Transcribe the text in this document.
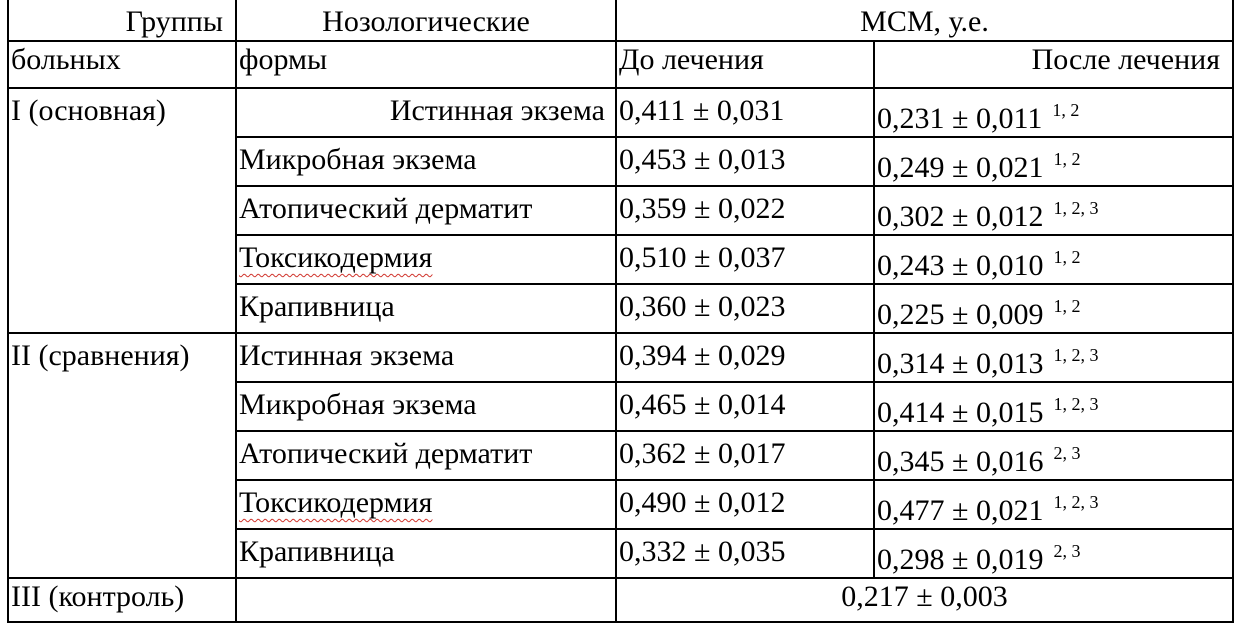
Группы	Нозологические	МСМ, у.е.	
больных	формы	До лечения	После лечения
I (основная)	Истинная экзема	0,411 ± 0,031	0,231 ± 0,011 $^{1, 2}$
	Микробная экзема	0,453 ± 0,013	0,249 ± 0,021 $^{1, 2}$
	Атопический дерматит	0,359 ± 0,022	0,302 ± 0,012 $^{1, 2, 3}$
	Токсикодермия	0,510 ± 0,037	0,243 ± 0,010 $^{1, 2}$
	Крапивница	0,360 ± 0,023	0,225 ± 0,009 $^{1, 2}$
II (сравнения)	Истинная экзема	0,394 ± 0,029	0,314 ± 0,013 $^{1, 2, 3}$
	Микробная экзема	0,465 ± 0,014	0,414 ± 0,015 $^{1, 2, 3}$
	Атопический дерматит	0,362 ± 0,017	0,345 ± 0,016 $^{2, 3}$
	Токсикодермия	0,490 ± 0,012	0,477 ± 0,021 $^{1, 2, 3}$
	Крапивница	0,332 ± 0,035	0,298 ± 0,019 $^{2, 3}$
III (контроль)		0,217 ± 0,003	
